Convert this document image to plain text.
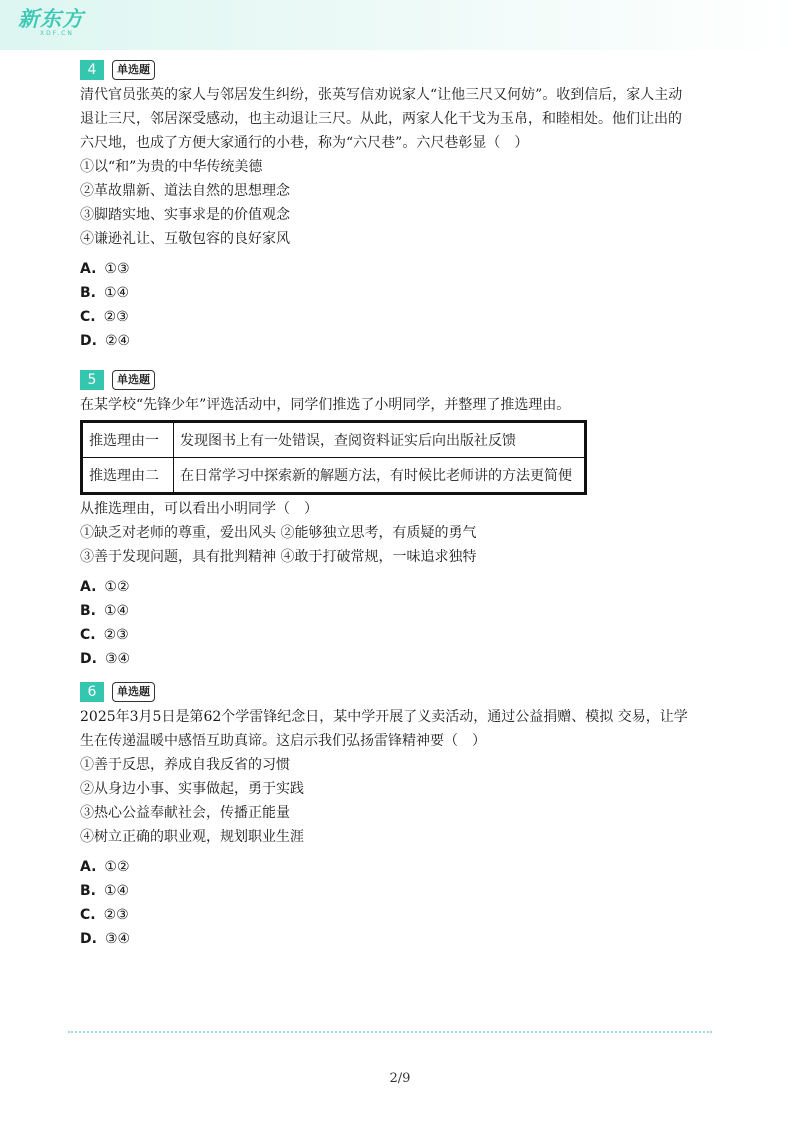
新东方
XDF.CN
4	单选题
清代官员张英的家人与邻居发生纠纷，张英写信劝说家人“让他三尺又何妨”。收到信后，家人主动
退让三尺，邻居深受感动，也主动退让三尺。从此，两家人化干戈为玉帛，和睦相处。他们让出的
六尺地，也成了方便大家通行的小巷，称为“六尺巷”。六尺巷彰显（　）
①以“和”为贵的中华传统美德
②革故鼎新、道法自然的思想理念
③脚踏实地、实事求是的价值观念
④谦逊礼让、互敬包容的良好家风
A. ①③
B. ①④
C. ②③
D. ②④
5	单选题
在某学校“先锋少年”评选活动中，同学们推选了小明同学，并整理了推选理由。
推选理由一	发现图书上有一处错误，查阅资料证实后向出版社反馈
推选理由二	在日常学习中探索新的解题方法，有时候比老师讲的方法更简便
从推选理由，可以看出小明同学（　）
①缺乏对老师的尊重，爱出风头 ②能够独立思考，有质疑的勇气
③善于发现问题，具有批判精神 ④敢于打破常规，一味追求独特
A. ①②
B. ①④
C. ②③
D. ③④
6	单选题
2025年3月5日是第62个学雷锋纪念日，某中学开展了义卖活动，通过公益捐赠、模拟 交易，让学
生在传递温暖中感悟互助真谛。这启示我们弘扬雷锋精神要（　）
①善于反思，养成自我反省的习惯
②从身边小事、实事做起，勇于实践
③热心公益奉献社会，传播正能量
④树立正确的职业观，规划职业生涯
A. ①②
B. ①④
C. ②③
D. ③④
2/9
